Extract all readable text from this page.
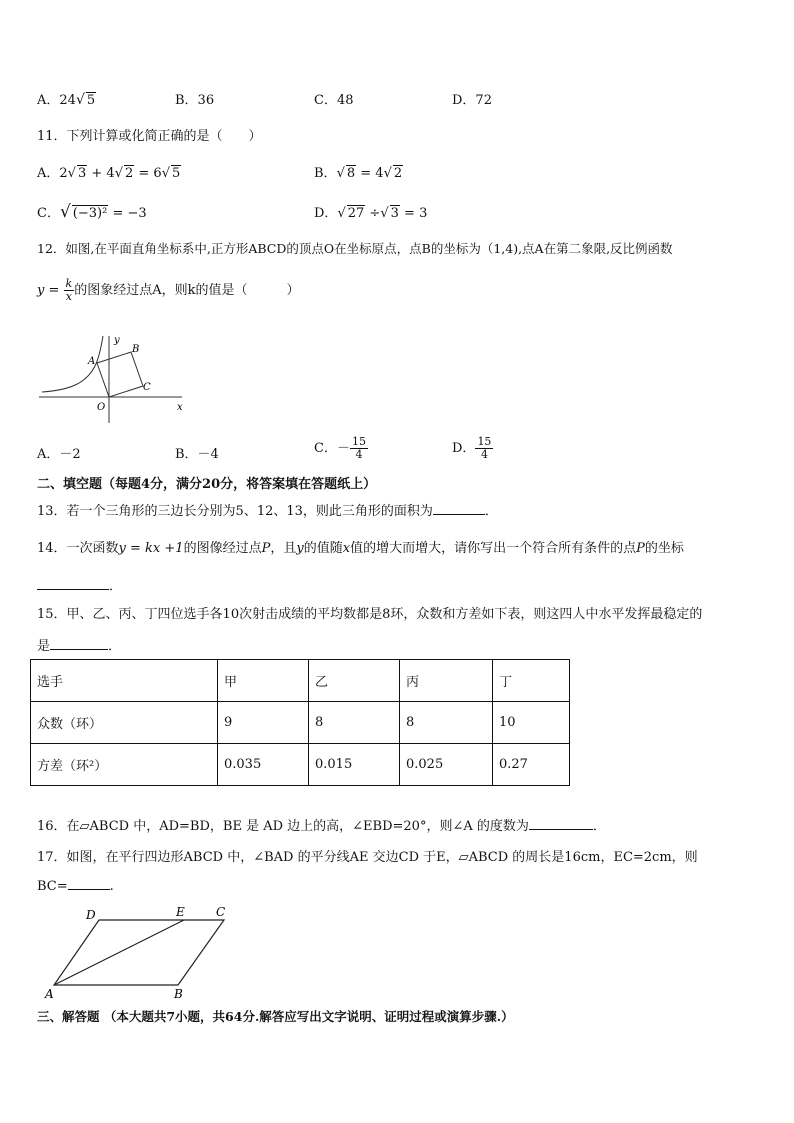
A．24√ 5	B．36	C．48	D．72
11．下列计算或化简正确的是（　　）
A．2√ 3 + 4√ 2 = 6√ 5	B．√ 8 = 4√ 2
C．√ (−3)² = −3	D．√ 27 ÷√ 3 = 3
12．如图,在平面直角坐标系中,正方形ABCD的顶点O在坐标原点，点B的坐标为（1,4),点A在第二象限,反比例函数
$y = \frac{k}{x}$ 的图象经过点A，则k的值是（　　　）
y
x
A
B
C
O
A．－2	B．－4	C．－ $\frac{15}{4}$	D． $\frac{15}{4}$
二、填空题（每题4分，满分20分，将答案填在答题纸上）
13．若一个三角形的三边长分别为5、12、13，则此三角形的面积为	．
14．一次函数y = kx +1的图像经过点P，且y的值随x值的增大而增大，请你写出一个符合所有条件的点P的坐标
．
15．甲、乙、丙、丁四位选手各10次射击成绩的平均数都是8环，众数和方差如下表，则这四人中水平发挥最稳定的
是	．
选手	甲	乙	丙	丁
众数（环）	9	8	8	10
方差（环²）	0.035	0.015	0.025	0.27
16．在▱ABCD 中，AD=BD，BE 是 AD 边上的高，∠EBD=20°，则∠A 的度数为	．
17．如图，在平行四边形ABCD 中，∠BAD 的平分线AE 交边CD 于E，▱ABCD 的周长是16cm，EC=2cm，则
BC=	.
A	B
C
D	E
三、解答题 （本大题共7小题，共64分.解答应写出文字说明、证明过程或演算步骤.）
